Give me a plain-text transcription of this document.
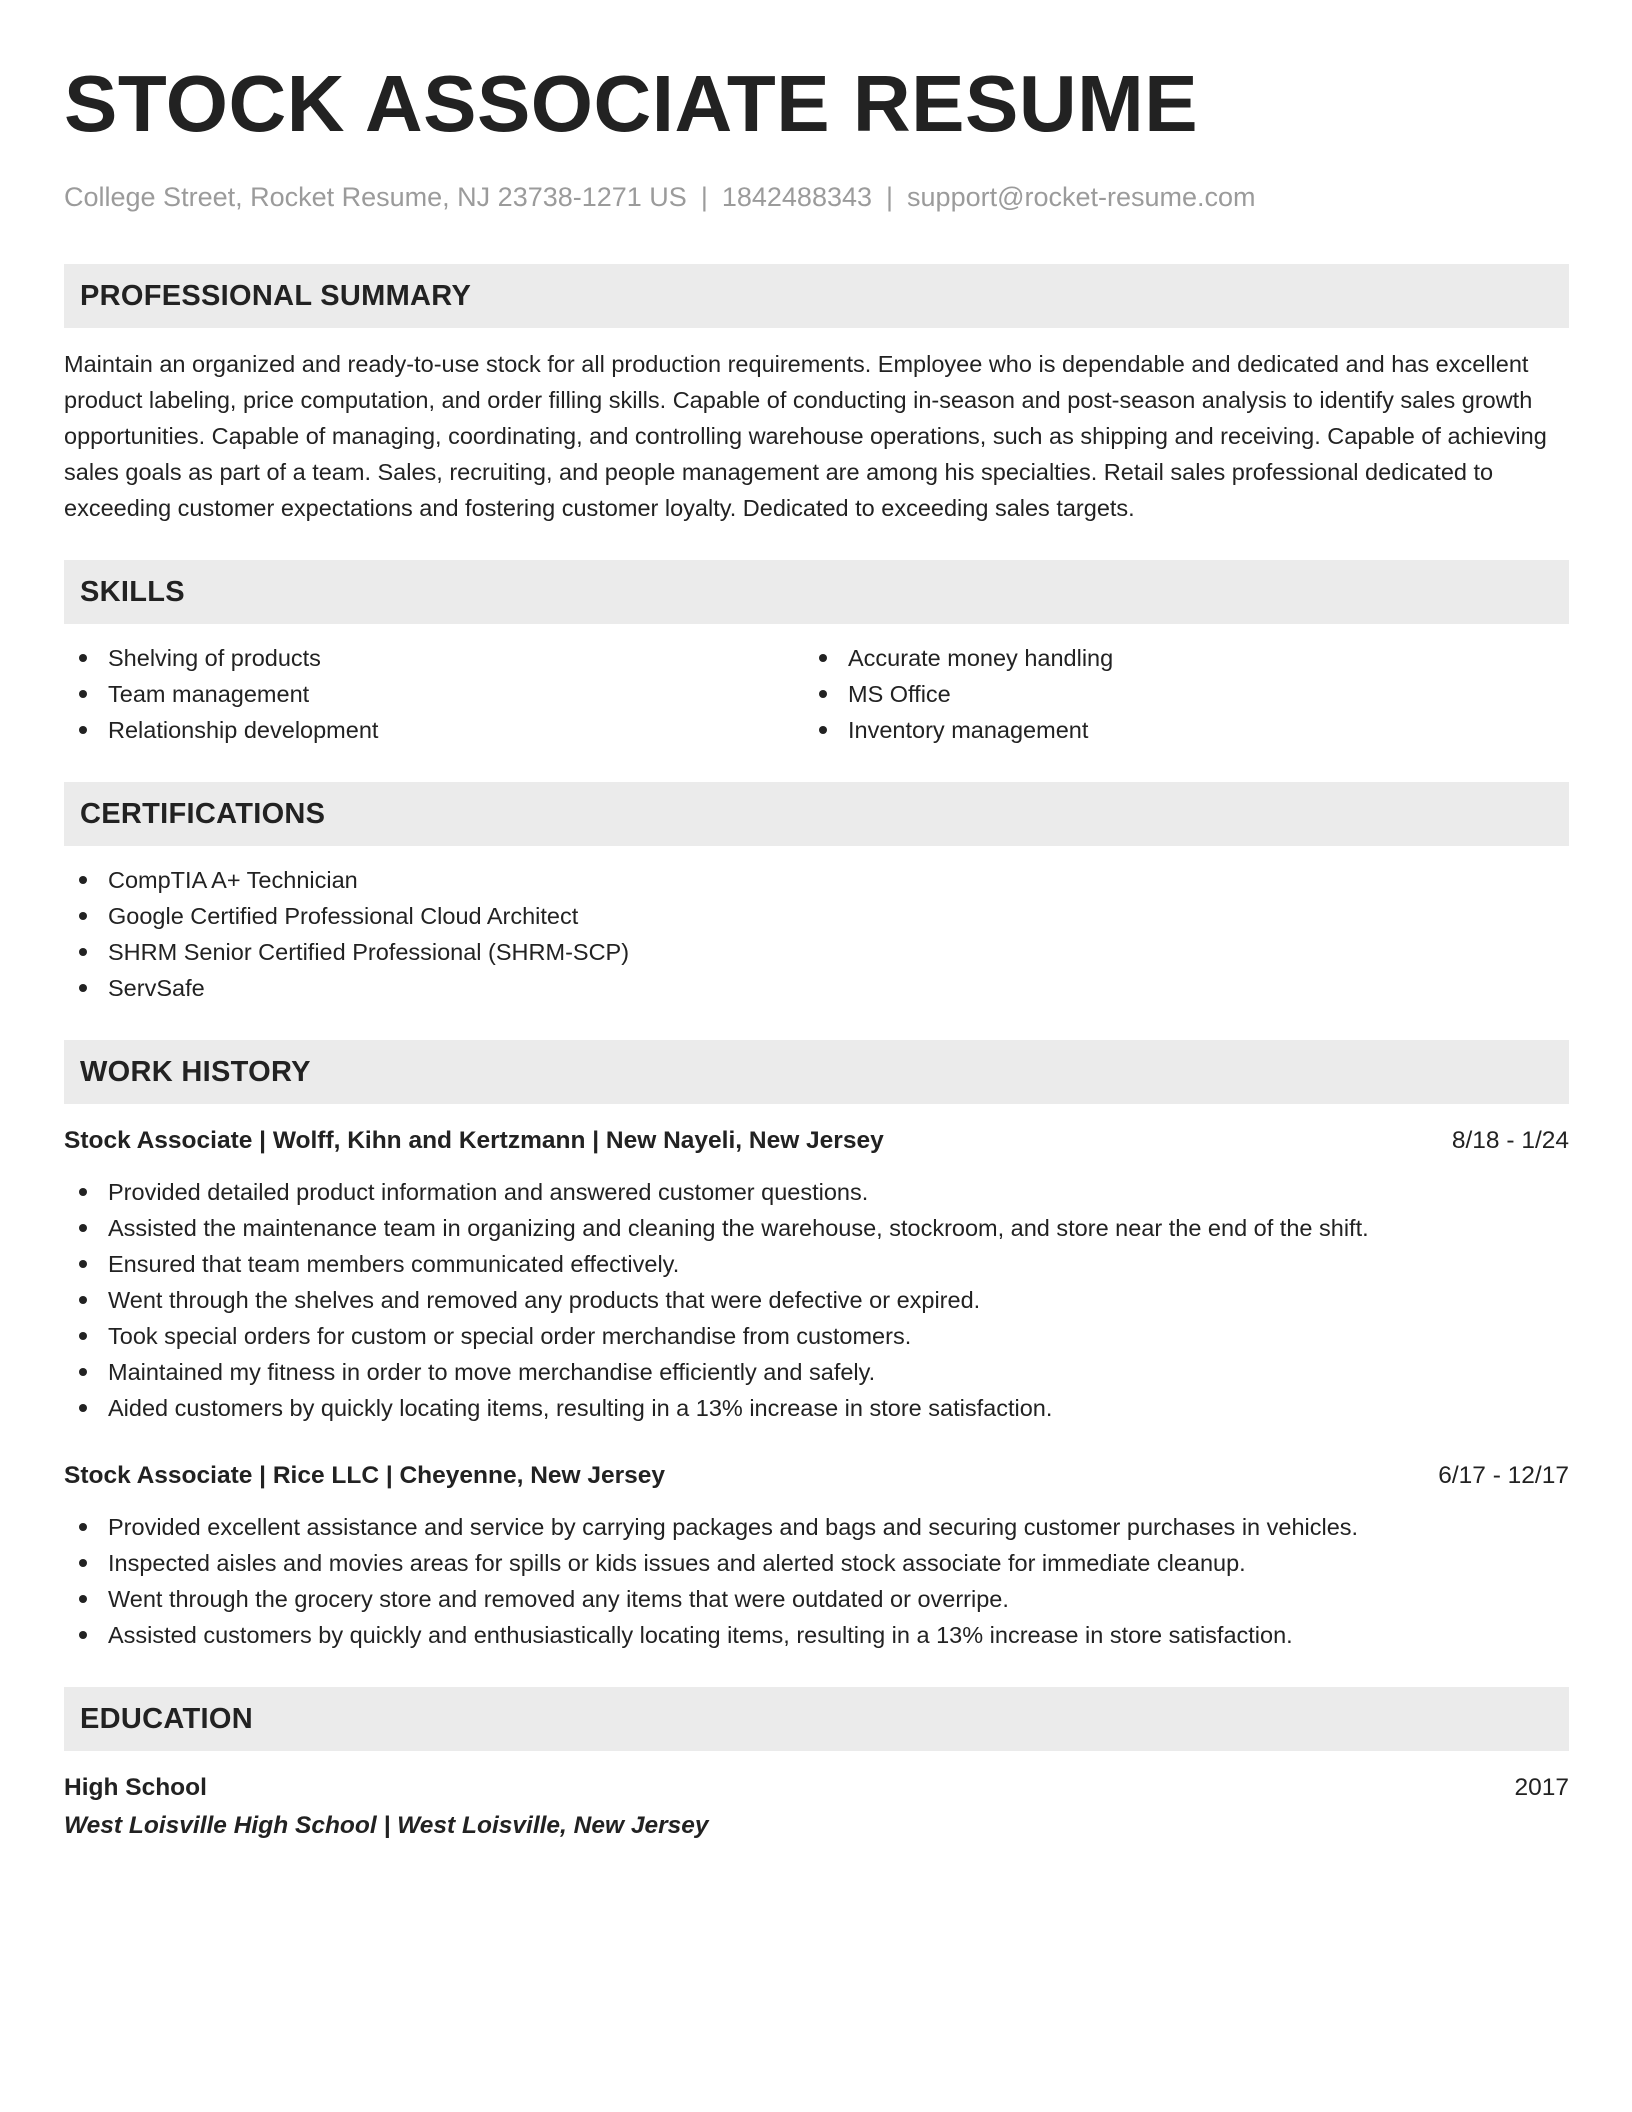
STOCK ASSOCIATE RESUME
College Street, Rocket Resume, NJ 23738-1271 US | 1842488343 | support@rocket-resume.com
PROFESSIONAL SUMMARY
Maintain an organized and ready-to-use stock for all production requirements. Employee who is dependable and dedicated and has excellent product labeling, price computation, and order filling skills. Capable of conducting in-season and post-season analysis to identify sales growth opportunities. Capable of managing, coordinating, and controlling warehouse operations, such as shipping and receiving. Capable of achieving sales goals as part of a team. Sales, recruiting, and people management are among his specialties. Retail sales professional dedicated to exceeding customer expectations and fostering customer loyalty. Dedicated to exceeding sales targets.
SKILLS
Shelving of products
Team management
Relationship development
Accurate money handling
MS Office
Inventory management
CERTIFICATIONS
CompTIA A+ Technician
Google Certified Professional Cloud Architect
SHRM Senior Certified Professional (SHRM-SCP)
ServSafe
WORK HISTORY
Stock Associate | Wolff, Kihn and Kertzmann | New Nayeli, New Jersey	8/18 - 1/24
Provided detailed product information and answered customer questions.
Assisted the maintenance team in organizing and cleaning the warehouse, stockroom, and store near the end of the shift.
Ensured that team members communicated effectively.
Went through the shelves and removed any products that were defective or expired.
Took special orders for custom or special order merchandise from customers.
Maintained my fitness in order to move merchandise efficiently and safely.
Aided customers by quickly locating items, resulting in a 13% increase in store satisfaction.
Stock Associate | Rice LLC | Cheyenne, New Jersey	6/17 - 12/17
Provided excellent assistance and service by carrying packages and bags and securing customer purchases in vehicles.
Inspected aisles and movies areas for spills or kids issues and alerted stock associate for immediate cleanup.
Went through the grocery store and removed any items that were outdated or overripe.
Assisted customers by quickly and enthusiastically locating items, resulting in a 13% increase in store satisfaction.
EDUCATION
High School	2017
West Loisville High School | West Loisville, New Jersey
